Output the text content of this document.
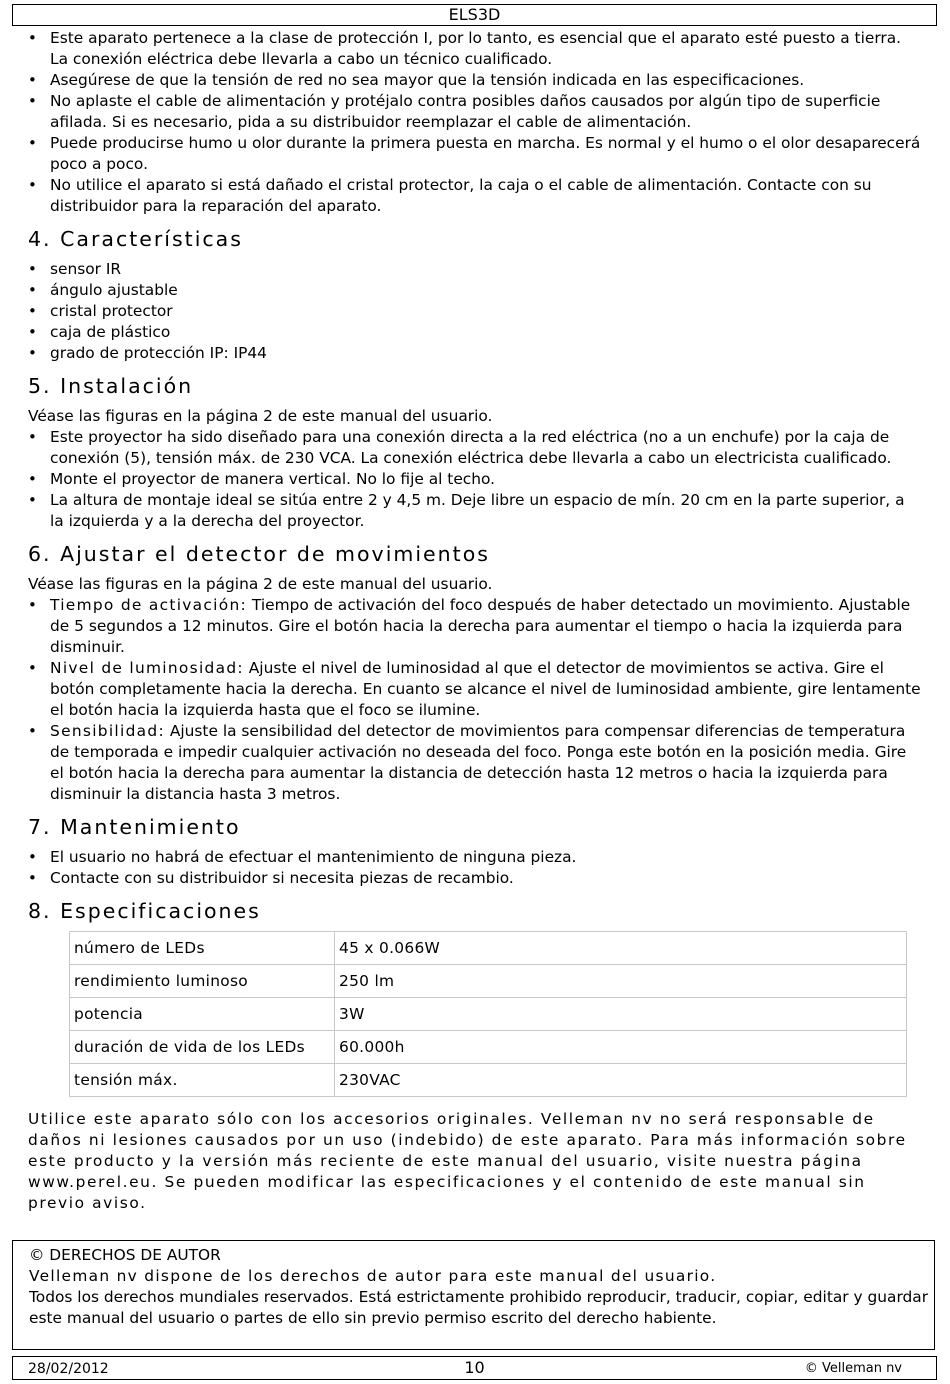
ELS3D
• Este aparato pertenece a la clase de protección I, por lo tanto, es esencial que el aparato esté puesto a tierra. La conexión eléctrica debe llevarla a cabo un técnico cualificado.
• Asegúrese de que la tensión de red no sea mayor que la tensión indicada en las especificaciones.
• No aplaste el cable de alimentación y protéjalo contra posibles daños causados por algún tipo de superficie afilada. Si es necesario, pida a su distribuidor reemplazar el cable de alimentación.
• Puede producirse humo u olor durante la primera puesta en marcha. Es normal y el humo o el olor desaparecerá poco a poco.
• No utilice el aparato si está dañado el cristal protector, la caja o el cable de alimentación. Contacte con su distribuidor para la reparación del aparato.
4. Características
• sensor IR
• ángulo ajustable
• cristal protector
• caja de plástico
• grado de protección IP: IP44
5. Instalación

Véase las figuras en la página 2 de este manual del usuario.

• Este proyector ha sido diseñado para una conexión directa a la red eléctrica (no a un enchufe) por la caja de conexión (5), tensión máx. de 230 VCA. La conexión eléctrica debe llevarla a cabo un electricista cualificado.
• Monte el proyector de manera vertical. No lo fije al techo.
• La altura de montaje ideal se sitúa entre 2 y 4,5 m. Deje libre un espacio de mín. 20 cm en la parte superior, a la izquierda y a la derecha del proyector.
6. Ajustar el detector de movimientos

Véase las figuras en la página 2 de este manual del usuario.

• Tiempo de activación: Tiempo de activación del foco después de haber detectado un movimiento. Ajustable de 5 segundos a 12 minutos. Gire el botón hacia la derecha para aumentar el tiempo o hacia la izquierda para disminuir.
• Nivel de luminosidad: Ajuste el nivel de luminosidad al que el detector de movimientos se activa. Gire el botón completamente hacia la derecha. En cuanto se alcance el nivel de luminosidad ambiente, gire lentamente el botón hacia la izquierda hasta que el foco se ilumine.
• Sensibilidad: Ajuste la sensibilidad del detector de movimientos para compensar diferencias de temperatura de temporada e impedir cualquier activación no deseada del foco. Ponga este botón en la posición media. Gire el botón hacia la derecha para aumentar la distancia de detección hasta 12 metros o hacia la izquierda para disminuir la distancia hasta 3 metros.
7. Mantenimiento
• El usuario no habrá de efectuar el mantenimiento de ninguna pieza.
• Contacte con su distribuidor si necesita piezas de recambio.
8. Especificaciones
número de LEDs	45 x 0.066W
rendimiento luminoso	250 lm
potencia	3W
duración de vida de los LEDs	60.000h
tensión máx.	230VAC

Utilice este aparato sólo con los accesorios originales. Velleman nv no será responsable de daños ni lesiones causados por un uso (indebido) de este aparato. Para más información sobre este producto y la versión más reciente de este manual del usuario, visite nuestra página www.perel.eu. Se pueden modificar las especificaciones y el contenido de este manual sin previo aviso.

© DERECHOS DE AUTOR
Velleman nv dispone de los derechos de autor para este manual del usuario.
Todos los derechos mundiales reservados. Está estrictamente prohibido reproducir, traducir, copiar, editar y guardar este manual del usuario o partes de ello sin previo permiso escrito del derecho habiente.
28/02/2012	10	© Velleman nv
